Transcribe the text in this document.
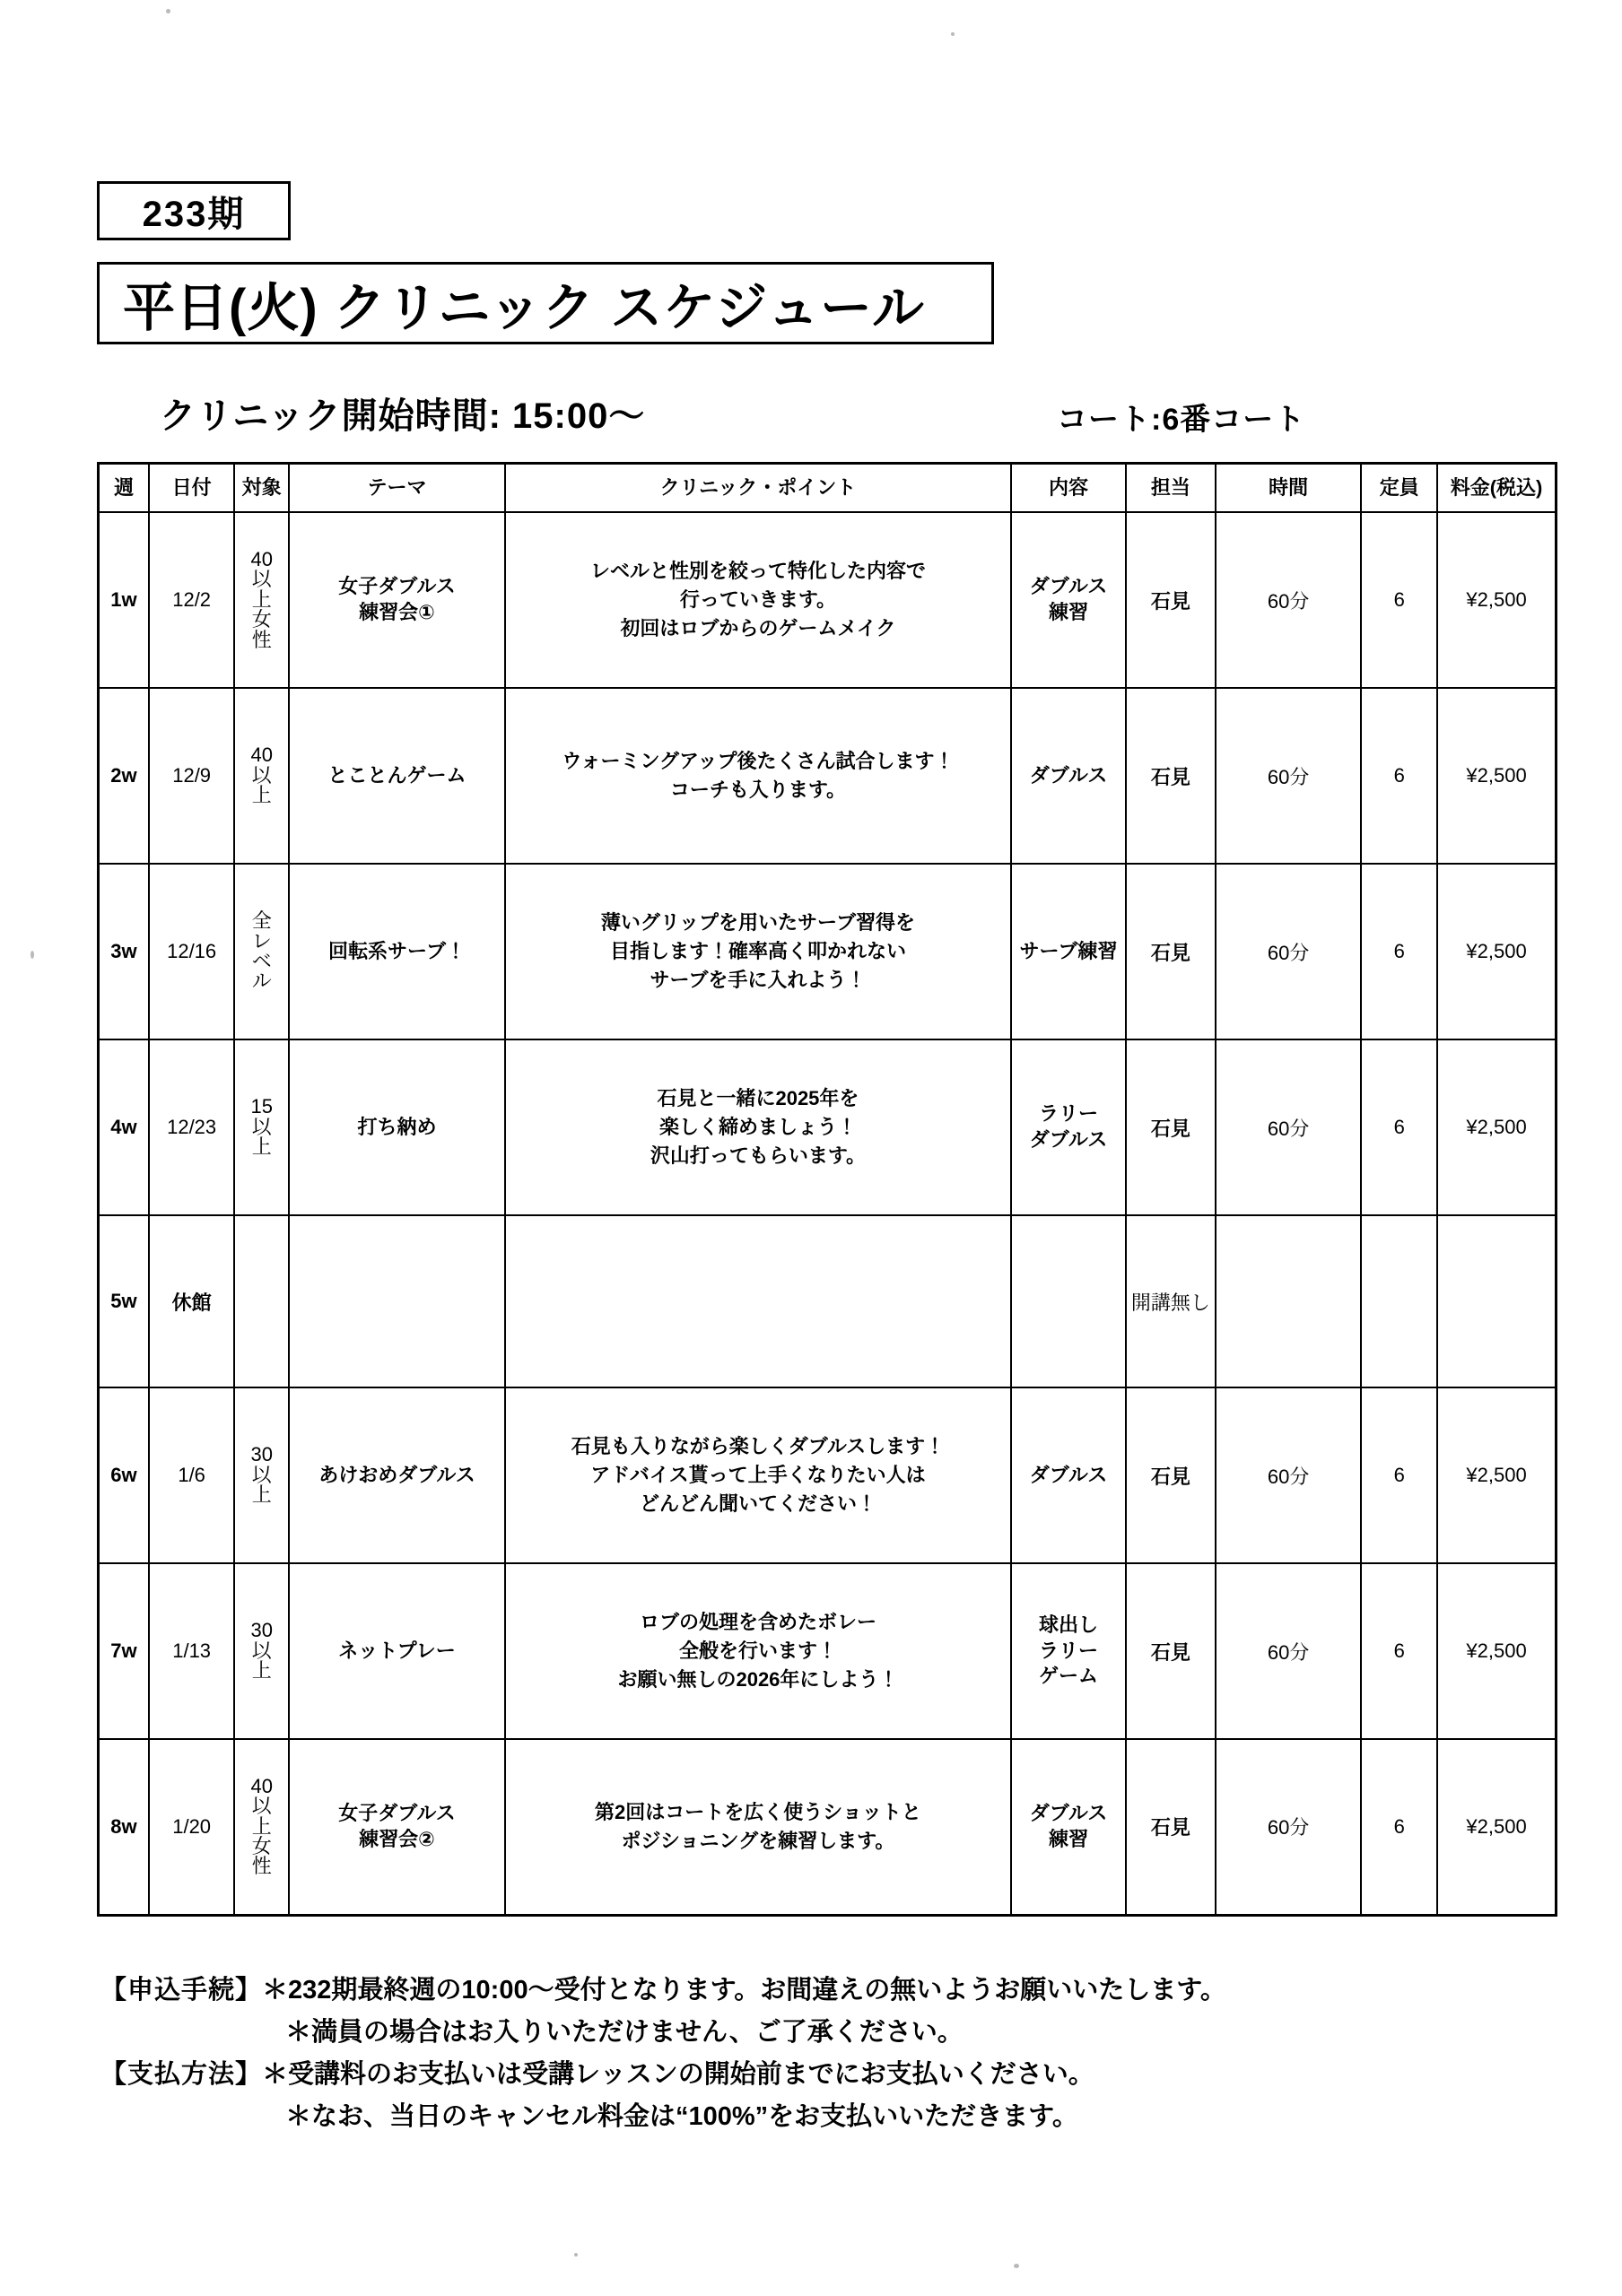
233期
平日(火) クリニック スケジュール
クリニック開始時間: 15:00〜	コート:6番コート
週	日付	対象	テーマ	クリニック・ポイント	内容	担当	時間	定員	料金(税込)
1w	12/2	40
以
上
女
性	女子ダブルス
練習会①	レベルと性別を絞って特化した内容で
行っていきます。
初回はロブからのゲームメイク	ダブルス
練習	石見	60分	6	¥2,500
2w	12/9	40
以
上	とことんゲーム	ウォーミングアップ後たくさん試合します！
コーチも入ります。	ダブルス	石見	60分	6	¥2,500
3w	12/16	全
レ
ベ
ル	回転系サーブ！	薄いグリップを用いたサーブ習得を
目指します！確率高く叩かれない
サーブを手に入れよう！	サーブ練習	石見	60分	6	¥2,500
4w	12/23	15
以
上	打ち納め	石見と一緒に2025年を
楽しく締めましょう！
沢山打ってもらいます。	ラリー
ダブルス	石見	60分	6	¥2,500
5w	休館					開講無し			
6w	1/6	30
以
上	あけおめダブルス	石見も入りながら楽しくダブルスします！
アドバイス貰って上手くなりたい人は
どんどん聞いてください！	ダブルス	石見	60分	6	¥2,500
7w	1/13	30
以
上	ネットプレー	ロブの処理を含めたボレー
全般を行います！
お願い無しの2026年にしよう！	球出し
ラリー
ゲーム	石見	60分	6	¥2,500
8w	1/20	40
以
上
女
性	女子ダブルス
練習会②	第2回はコートを広く使うショットと
ポジショニングを練習します。	ダブルス
練習	石見	60分	6	¥2,500
【申込手続】＊232期最終週の10:00〜受付となります。お間違えの無いようお願いいたします。
＊満員の場合はお入りいただけません、ご了承ください。
【支払方法】＊受講料のお支払いは受講レッスンの開始前までにお支払いください。
＊なお、当日のキャンセル料金は“100%”をお支払いいただきます。
